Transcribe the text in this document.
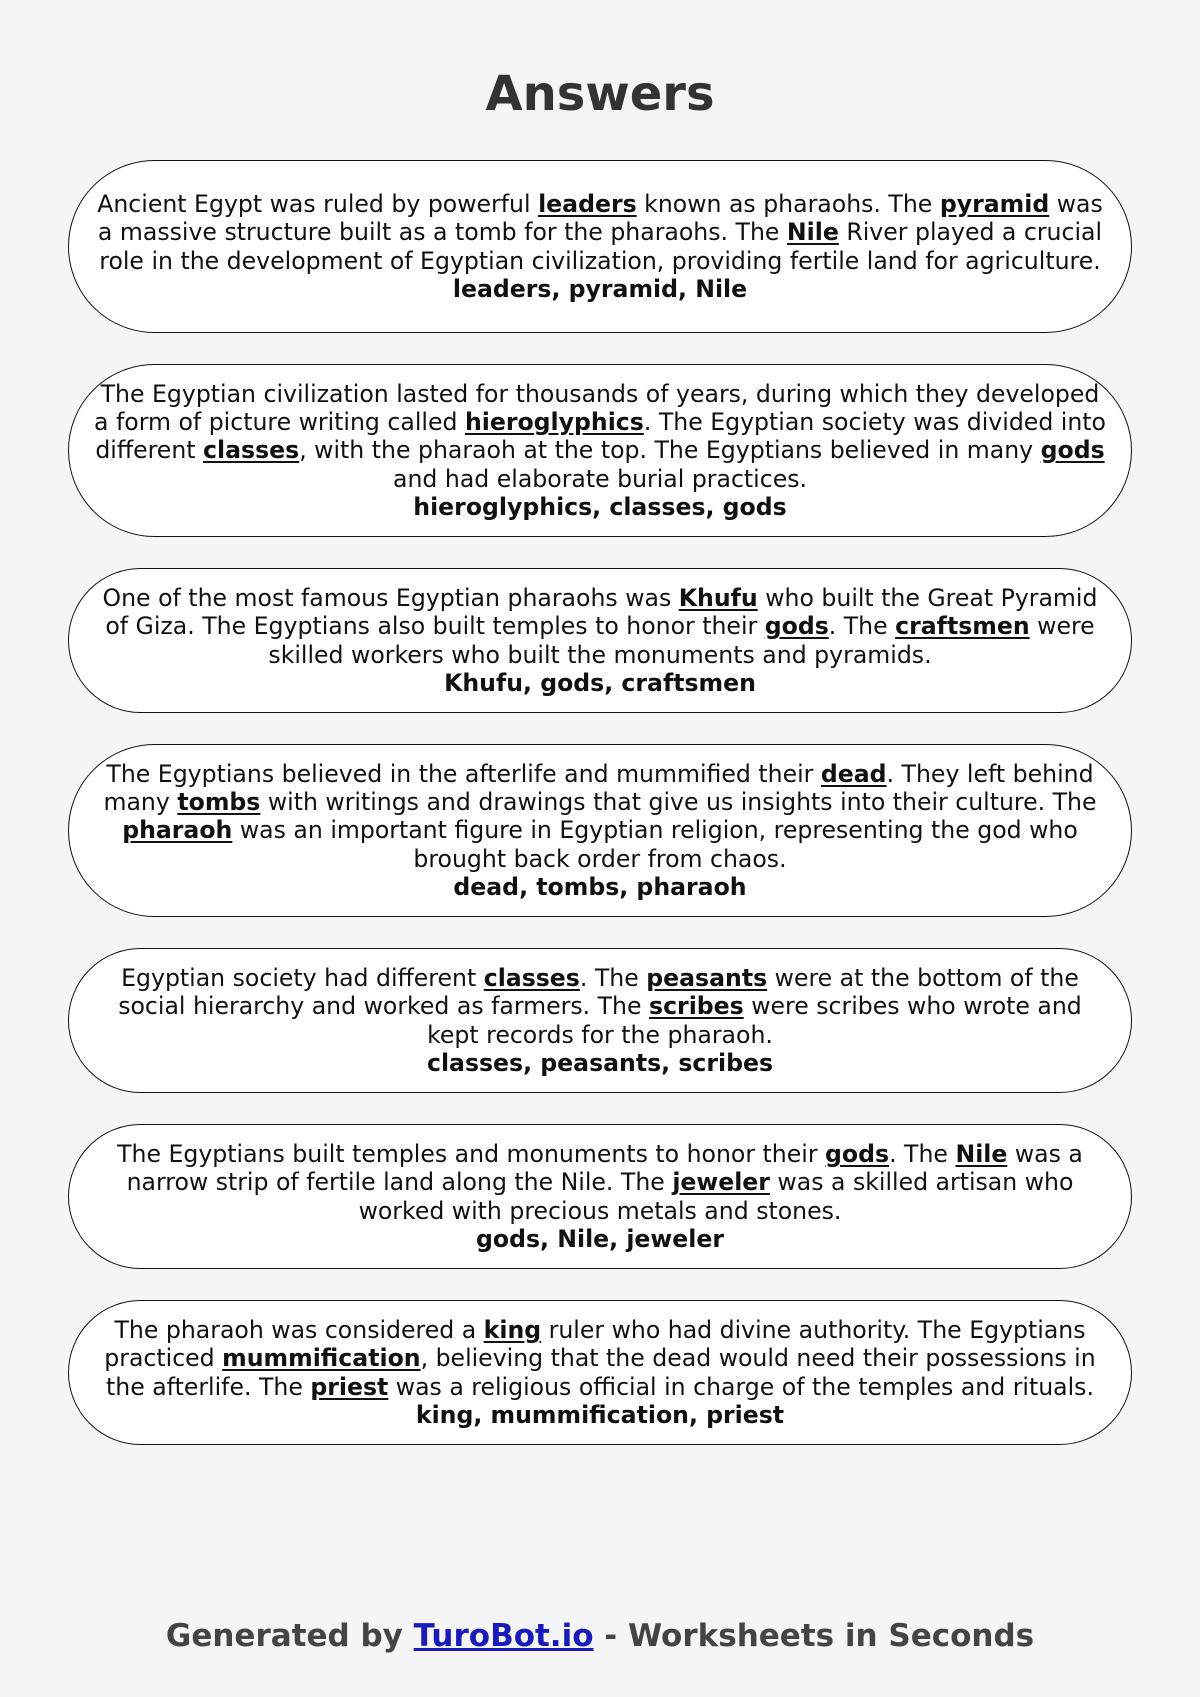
Answers
Ancient Egypt was ruled by powerful leaders known as pharaohs. The pyramid was a massive structure built as a tomb for the pharaohs. The Nile River played a crucial role in the development of Egyptian civilization, providing fertile land for agriculture.
leaders, pyramid, Nile
The Egyptian civilization lasted for thousands of years, during which they developed a form of picture writing called hieroglyphics. The Egyptian society was divided into different classes, with the pharaoh at the top. The Egyptians believed in many gods and had elaborate burial practices.
hieroglyphics, classes, gods
One of the most famous Egyptian pharaohs was Khufu who built the Great Pyramid of Giza. The Egyptians also built temples to honor their gods. The craftsmen were skilled workers who built the monuments and pyramids.
Khufu, gods, craftsmen
The Egyptians believed in the afterlife and mummified their dead. They left behind many tombs with writings and drawings that give us insights into their culture. The pharaoh was an important figure in Egyptian religion, representing the god who brought back order from chaos.
dead, tombs, pharaoh
Egyptian society had different classes. The peasants were at the bottom of the social hierarchy and worked as farmers. The scribes were scribes who wrote and kept records for the pharaoh.
classes, peasants, scribes
The Egyptians built temples and monuments to honor their gods. The Nile was a narrow strip of fertile land along the Nile. The jeweler was a skilled artisan who worked with precious metals and stones.
gods, Nile, jeweler
The pharaoh was considered a king ruler who had divine authority. The Egyptians practiced mummification, believing that the dead would need their possessions in the afterlife. The priest was a religious official in charge of the temples and rituals.
king, mummification, priest
Generated by TuroBot.io - Worksheets in Seconds
